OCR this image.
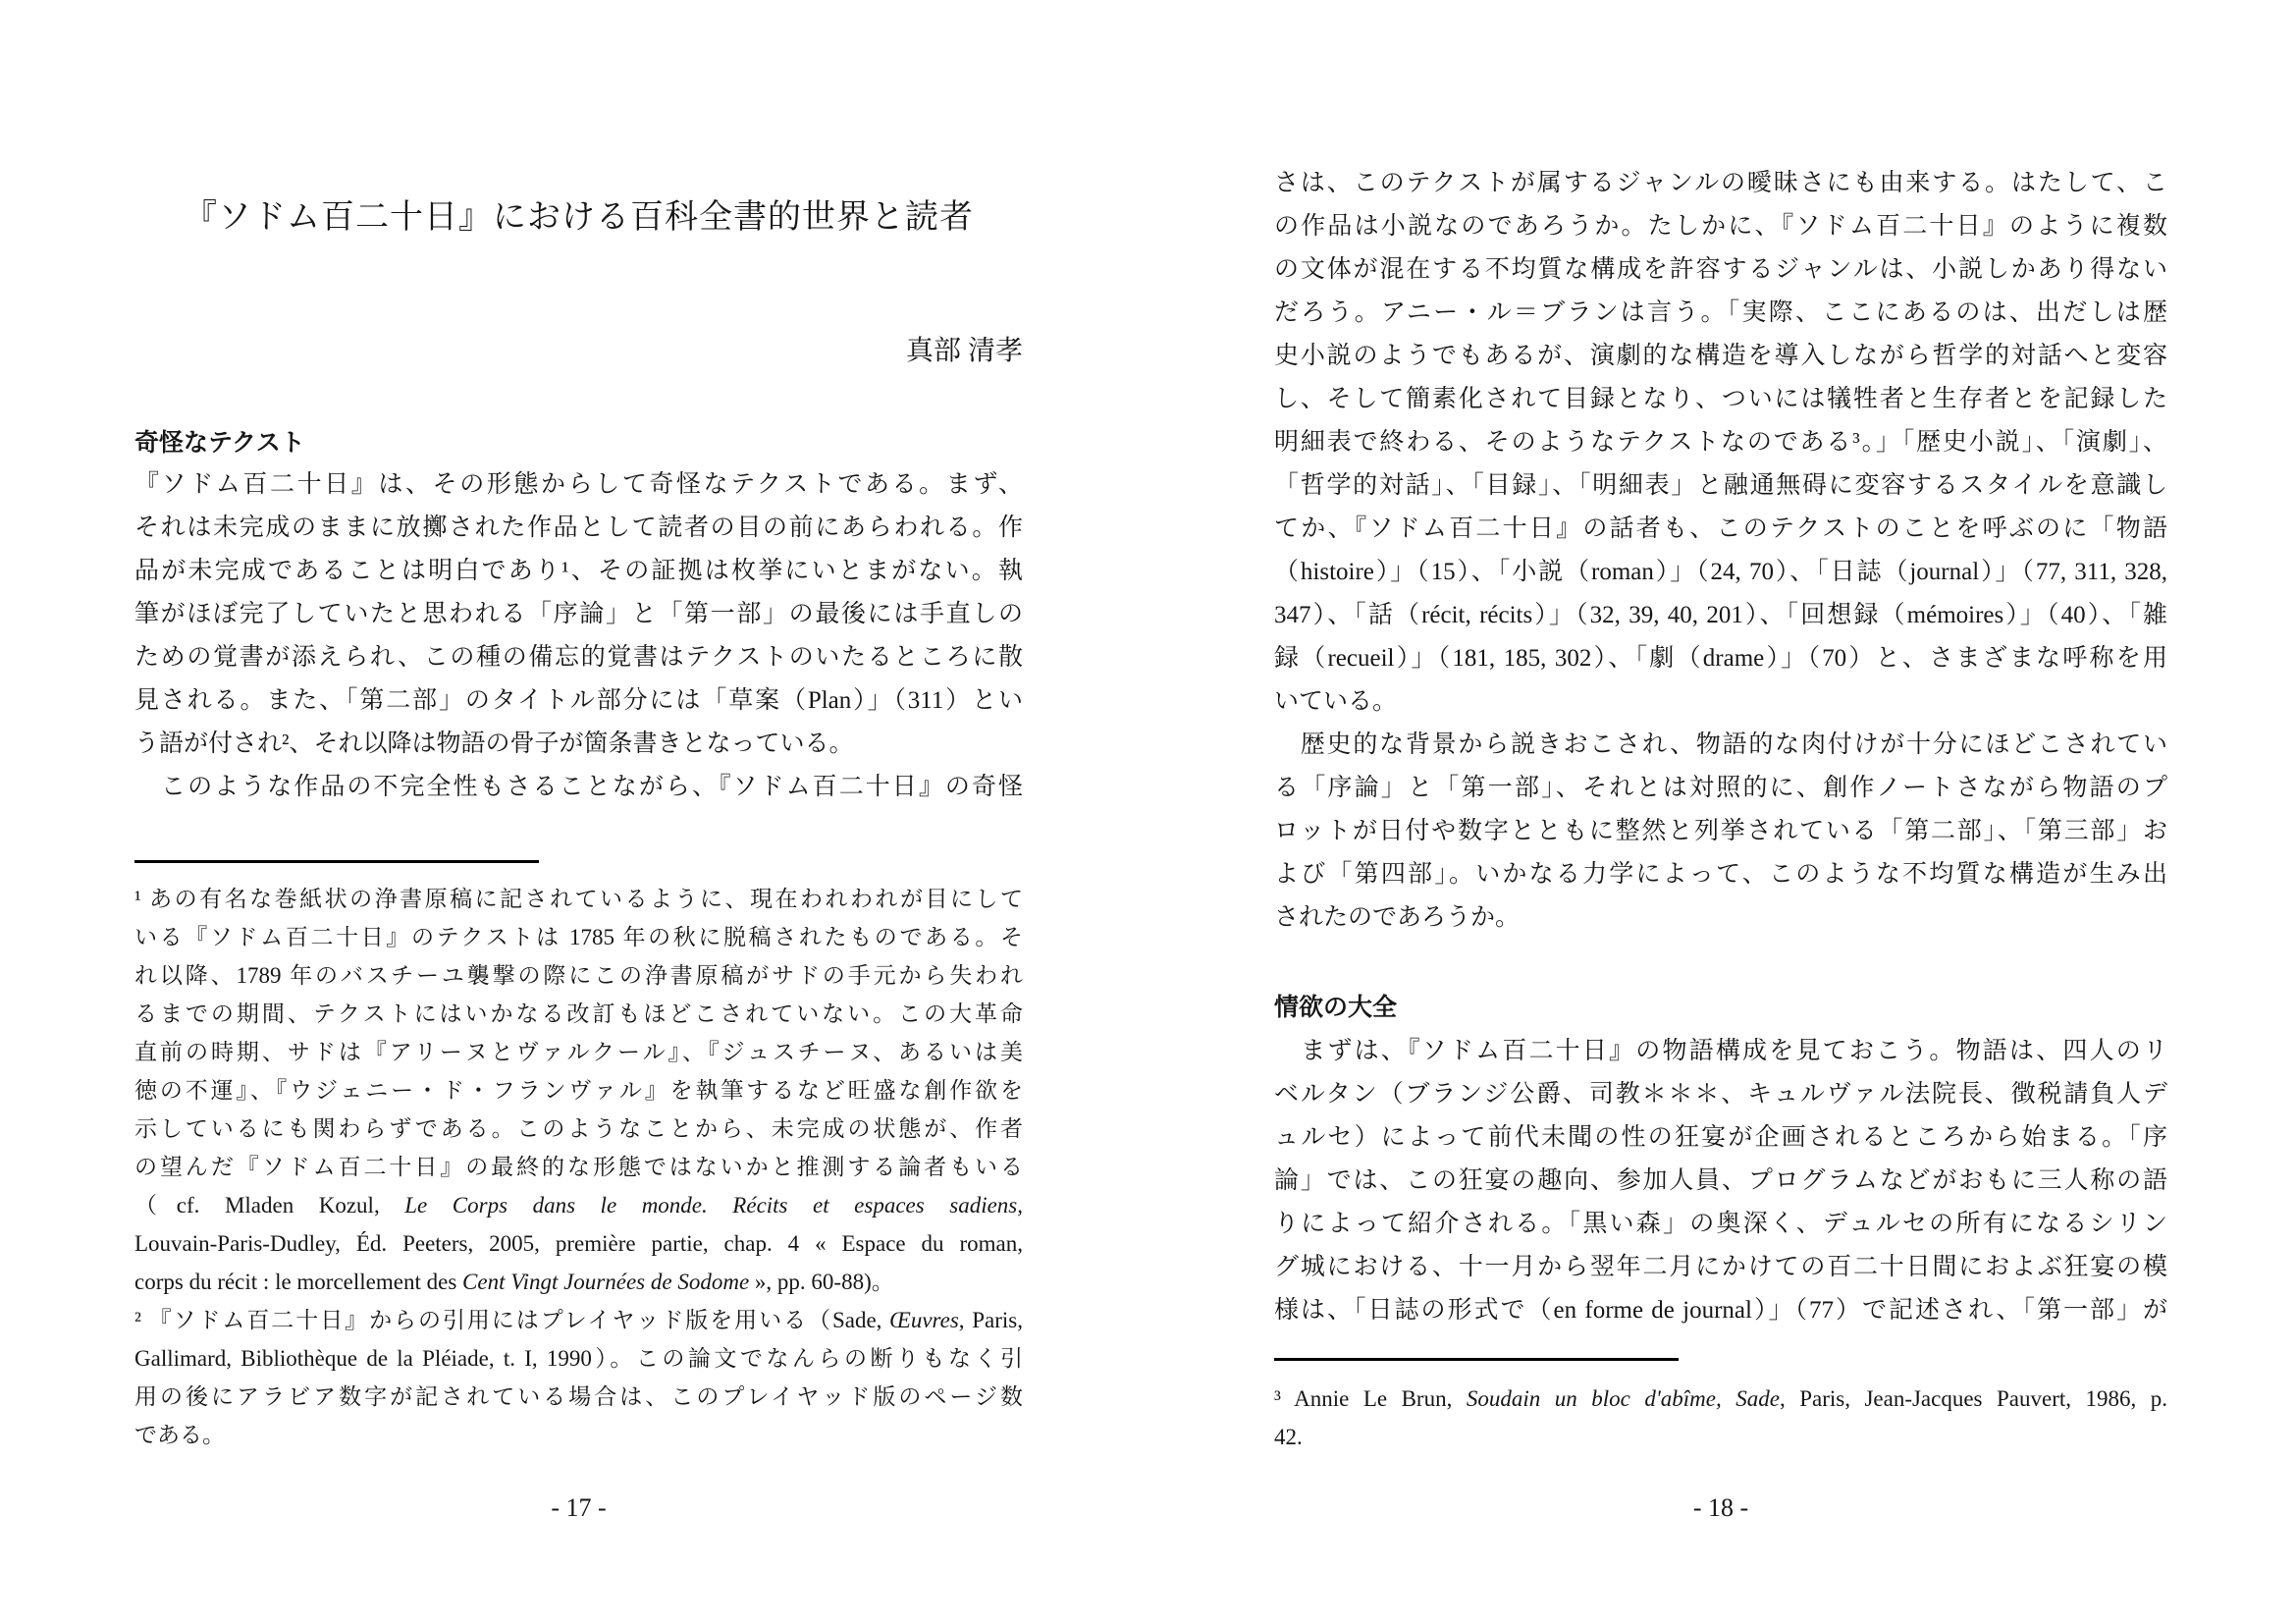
『ソドム百二十日』における百科全書的世界と読者
真部 清孝
奇怪なテクスト
『ソドム百二十日』は、その形態からして奇怪なテクストである。まず、
それは未完成のままに放擲された作品として読者の目の前にあらわれる。作
品が未完成であることは明白であり¹、その証拠は枚挙にいとまがない。執
筆がほぼ完了していたと思われる「序論」と「第一部」の最後には手直しの
ための覚書が添えられ、この種の備忘的覚書はテクストのいたるところに散
見される。また、「第二部」のタイトル部分には「草案（Plan）」（311）とい
う語が付され²、それ以降は物語の骨子が箇条書きとなっている。
　このような作品の不完全性もさることながら、『ソドム百二十日』の奇怪
¹ あの有名な巻紙状の浄書原稿に記されているように、現在われわれが目にして
いる『ソドム百二十日』のテクストは 1785 年の秋に脱稿されたものである。そ
れ以降、1789 年のバスチーユ襲撃の際にこの浄書原稿がサドの手元から失われ
るまでの期間、テクストにはいかなる改訂もほどこされていない。この大革命
直前の時期、サドは『アリーヌとヴァルクール』、『ジュスチーヌ、あるいは美
徳の不運』、『ウジェニー・ド・フランヴァル』を執筆するなど旺盛な創作欲を
示しているにも関わらずである。このようなことから、未完成の状態が、作者
の望んだ『ソドム百二十日』の最終的な形態ではないかと推測する論者もいる
（cf. Mladen Kozul, Le Corps dans le monde. Récits et espaces sadiens,
Louvain-Paris-Dudley, Éd. Peeters, 2005, première partie, chap. 4 « Espace du roman,
corps du récit : le morcellement des Cent Vingt Journées de Sodome », pp. 60-88)。
² 『ソドム百二十日』からの引用にはプレイヤッド版を用いる（Sade, Œuvres, Paris,
Gallimard, Bibliothèque de la Pléiade, t. I, 1990）。この論文でなんらの断りもなく引
用の後にアラビア数字が記されている場合は、このプレイヤッド版のページ数
である。
- 17 -
さは、このテクストが属するジャンルの曖昧さにも由来する。はたして、こ
の作品は小説なのであろうか。たしかに、『ソドム百二十日』のように複数
の文体が混在する不均質な構成を許容するジャンルは、小説しかあり得ない
だろう。アニー・ル＝ブランは言う。「実際、ここにあるのは、出だしは歴
史小説のようでもあるが、演劇的な構造を導入しながら哲学的対話へと変容
し、そして簡素化されて目録となり、ついには犠牲者と生存者とを記録した
明細表で終わる、そのようなテクストなのである³。」「歴史小説」、「演劇」、
「哲学的対話」、「目録」、「明細表」と融通無碍に変容するスタイルを意識し
てか、『ソドム百二十日』の話者も、このテクストのことを呼ぶのに「物語
（histoire）」（15）、「小説（roman）」（24, 70）、「日誌（journal）」（77, 311, 328,
347）、「話（récit, récits）」（32, 39, 40, 201）、「回想録（mémoires）」（40）、「雑
録（recueil）」（181, 185, 302）、「劇（drame）」（70）と、さまざまな呼称を用
いている。
　歴史的な背景から説きおこされ、物語的な肉付けが十分にほどこされてい
る「序論」と「第一部」、それとは対照的に、創作ノートさながら物語のプ
ロットが日付や数字とともに整然と列挙されている「第二部」、「第三部」お
よび「第四部」。いかなる力学によって、このような不均質な構造が生み出
されたのであろうか。
情欲の大全
　まずは、『ソドム百二十日』の物語構成を見ておこう。物語は、四人のリ
ベルタン（ブランジ公爵、司教＊＊＊、キュルヴァル法院長、徴税請負人デ
ュルセ）によって前代未聞の性の狂宴が企画されるところから始まる。「序
論」では、この狂宴の趣向、参加人員、プログラムなどがおもに三人称の語
りによって紹介される。「黒い森」の奥深く、デュルセの所有になるシリン
グ城における、十一月から翌年二月にかけての百二十日間におよぶ狂宴の模
様は、「日誌の形式で（en forme de journal）」（77）で記述され、「第一部」が
³ Annie Le Brun, Soudain un bloc d'abîme, Sade, Paris, Jean-Jacques Pauvert, 1986, p.
42.
- 18 -
